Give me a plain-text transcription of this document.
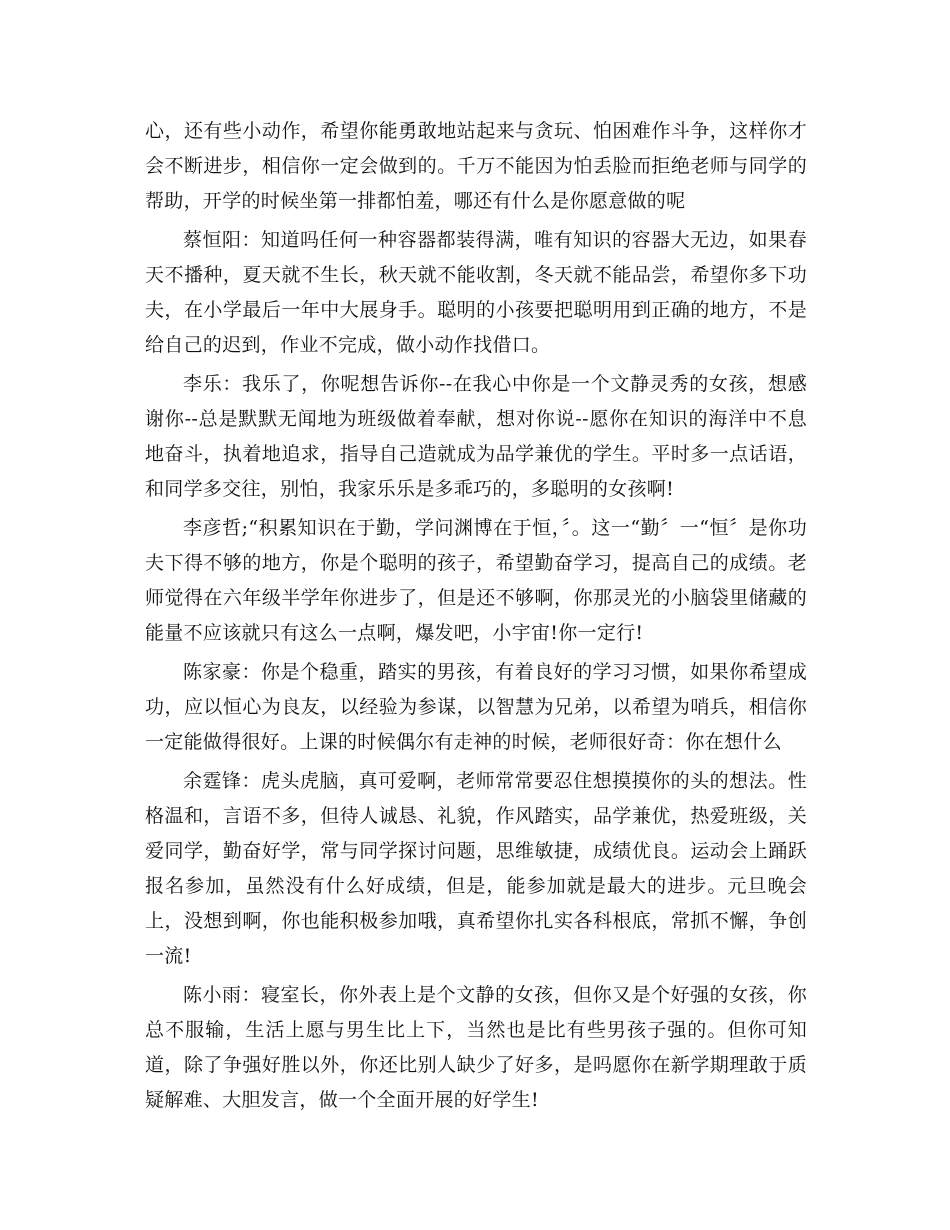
心，还有些小动作，希望你能勇敢地站起来与贪玩、怕困难作斗争，这样你才会不断进步，相信你一定会做到的。千万不能因为怕丢脸而拒绝老师与同学的帮助，开学的时候坐第一排都怕羞，哪还有什么是你愿意做的呢

蔡恒阳：知道吗任何一种容器都装得满，唯有知识的容器大无边，如果春天不播种，夏天就不生长，秋天就不能收割，冬天就不能品尝，希望你多下功夫，在小学最后一年中大展身手。聪明的小孩要把聪明用到正确的地方，不是给自己的迟到，作业不完成，做小动作找借口。

李乐：我乐了，你呢想告诉你--在我心中你是一个文静灵秀的女孩，想感谢你--总是默默无闻地为班级做着奉献，想对你说--愿你在知识的海洋中不息地奋斗，执着地追求，指导自己造就成为品学兼优的学生。平时多一点话语，和同学多交往，别怕，我家乐乐是多乖巧的，多聪明的女孩啊!

李彦哲;“积累知识在于勤，学问渊博在于恒，〞。这一“勤〞一“恒〞是你功夫下得不够的地方，你是个聪明的孩子，希望勤奋学习，提高自己的成绩。老师觉得在六年级半学年你进步了，但是还不够啊，你那灵光的小脑袋里储藏的能量不应该就只有这么一点啊，爆发吧，小宇宙!你一定行!

陈家豪：你是个稳重，踏实的男孩，有着良好的学习习惯，如果你希望成功，应以恒心为良友，以经验为参谋，以智慧为兄弟，以希望为哨兵，相信你一定能做得很好。上课的时候偶尔有走神的时候，老师很好奇：你在想什么

余霆锋：虎头虎脑，真可爱啊，老师常常要忍住想摸摸你的头的想法。性格温和，言语不多，但待人诚恳、礼貌，作风踏实，品学兼优，热爱班级，关爱同学，勤奋好学，常与同学探讨问题，思维敏捷，成绩优良。运动会上踊跃报名参加，虽然没有什么好成绩，但是，能参加就是最大的进步。元旦晚会上，没想到啊，你也能积极参加哦，真希望你扎实各科根底，常抓不懈，争创一流!

陈小雨：寝室长，你外表上是个文静的女孩，但你又是个好强的女孩，你总不服输，生活上愿与男生比上下，当然也是比有些男孩子强的。但你可知道，除了争强好胜以外，你还比别人缺少了好多，是吗愿你在新学期理敢于质疑解难、大胆发言，做一个全面开展的好学生!
